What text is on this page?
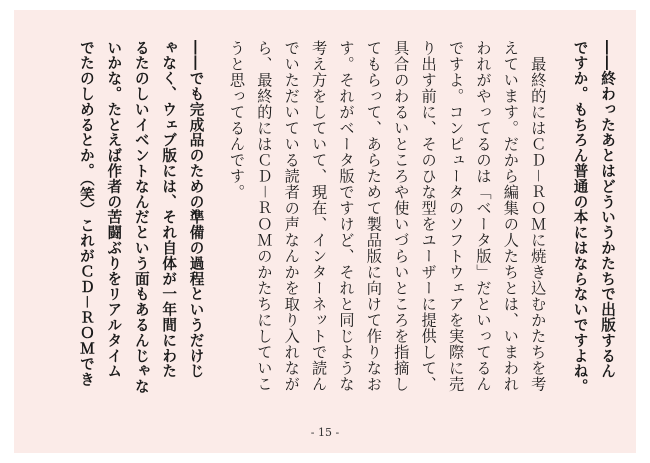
――終わったあとはどういうかたちで出版するん
ですか。もちろん普通の本にはならないですよね。
　最終的にはＣＤ－ＲＯＭに焼き込むかたちを考
えています。だから編集の人たちとは、いまわれ
われがやってるのは「ベータ版」だといってるん
ですよ。コンピュータのソフトウェアを実際に売
り出す前に、そのひな型をユーザーに提供して、
具合のわるいところや使いづらいところを指摘し
てもらって、あらためて製品版に向けて作りなお
す。それがベータ版ですけど、それと同じような
考え方をしていて、現在、インターネットで読ん
でいただいている読者の声なんかを取り入れなが
ら、最終的にはＣＤ－ＲＯＭのかたちにしていこ
うと思ってるんです。
――でも完成品のための準備の過程というだけじ
ゃなく、ウェブ版には、それ自体が一年間にわた
るたのしいイベントなんだという面もあるんじゃな
いかな。たとえば作者の苦闘ぶりをリアルタイム
でたのしめるとか。（笑）これがＣＤ－ＲＯＭでき
- 15 -
